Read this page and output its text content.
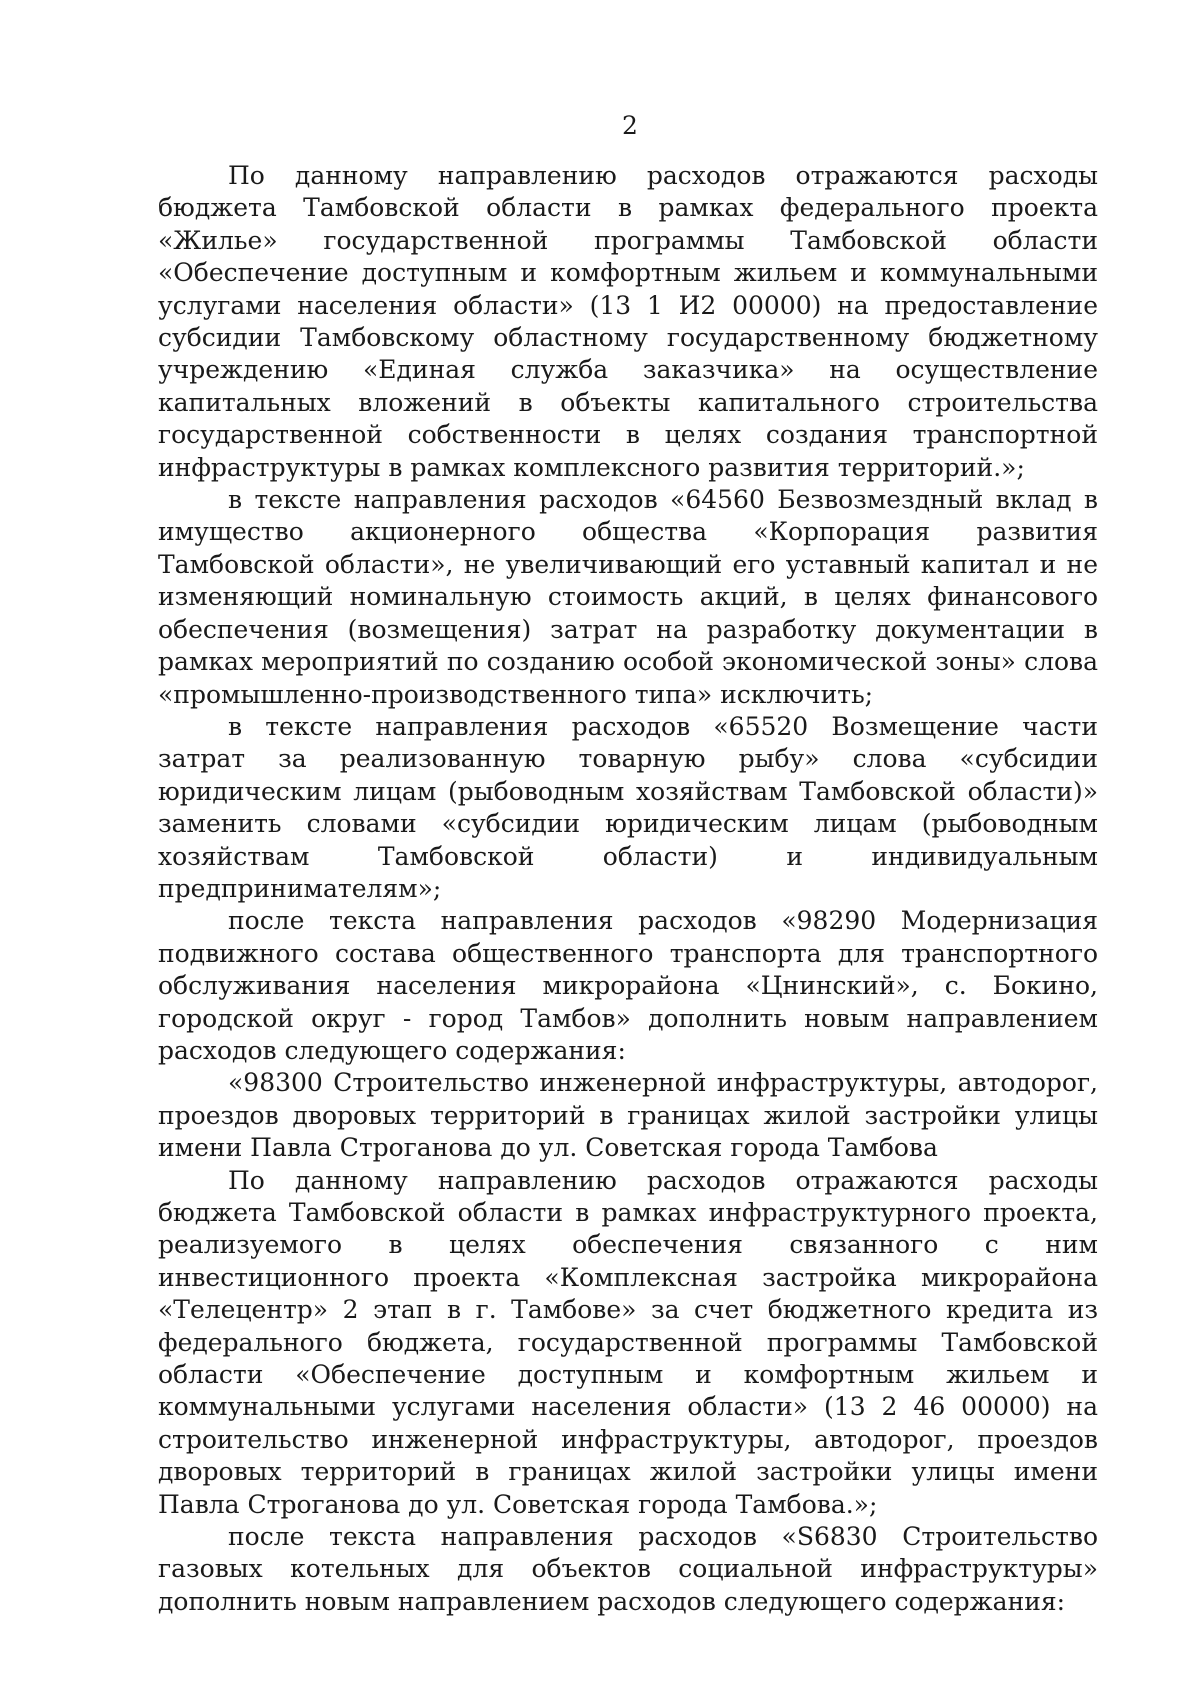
2

По данному направлению расходов отражаются расходы бюджета Тамбовской области в рамках федерального проекта «Жилье» государственной программы Тамбовской области «Обеспечение доступным и комфортным жильем и коммунальными услугами населения области» (13 1 И2 00000) на предоставление субсидии Тамбовскому областному государственному бюджетному учреждению «Единая служба заказчика» на осуществление капитальных вложений в объекты капитального строительства государственной собственности в целях создания транспортной инфраструктуры в рамках комплексного развития территорий.»;

в тексте направления расходов «64560 Безвозмездный вклад в имущество акционерного общества «Корпорация развития Тамбовской области», не увеличивающий его уставный капитал и не изменяющий номинальную стоимость акций, в целях финансового обеспечения (возмещения) затрат на разработку документации в рамках мероприятий по созданию особой экономической зоны» слова «промышленно-производственного типа» исключить;

в тексте направления расходов «65520 Возмещение части затрат за реализованную товарную рыбу» слова «субсидии юридическим лицам (рыбоводным хозяйствам Тамбовской области)» заменить словами «субсидии юридическим лицам (рыбоводным хозяйствам Тамбовской области) и индивидуальным предпринимателям»;

после текста направления расходов «98290 Модернизация подвижного состава общественного транспорта для транспортного обслуживания населения микрорайона «Цнинский», с. Бокино, городской округ - город Тамбов» дополнить новым направлением расходов следующего содержания:

«98300 Строительство инженерной инфраструктуры, автодорог, проездов дворовых территорий в границах жилой застройки улицы имени Павла Строганова до ул. Советская города Тамбова

По данному направлению расходов отражаются расходы бюджета Тамбовской области в рамках инфраструктурного проекта, реализуемого в целях обеспечения связанного с ним инвестиционного проекта «Комплексная застройка микрорайона «Телецентр» 2 этап в г. Тамбове» за счет бюджетного кредита из федерального бюджета, государственной программы Тамбовской области «Обеспечение доступным и комфортным жильем и коммунальными услугами населения области» (13 2 46 00000) на строительство инженерной инфраструктуры, автодорог, проездов дворовых территорий в границах жилой застройки улицы имени Павла Строганова до ул. Советская города Тамбова.»;

после текста направления расходов «S6830 Строительство газовых котельных для объектов социальной инфраструктуры» дополнить новым направлением расходов следующего содержания:
